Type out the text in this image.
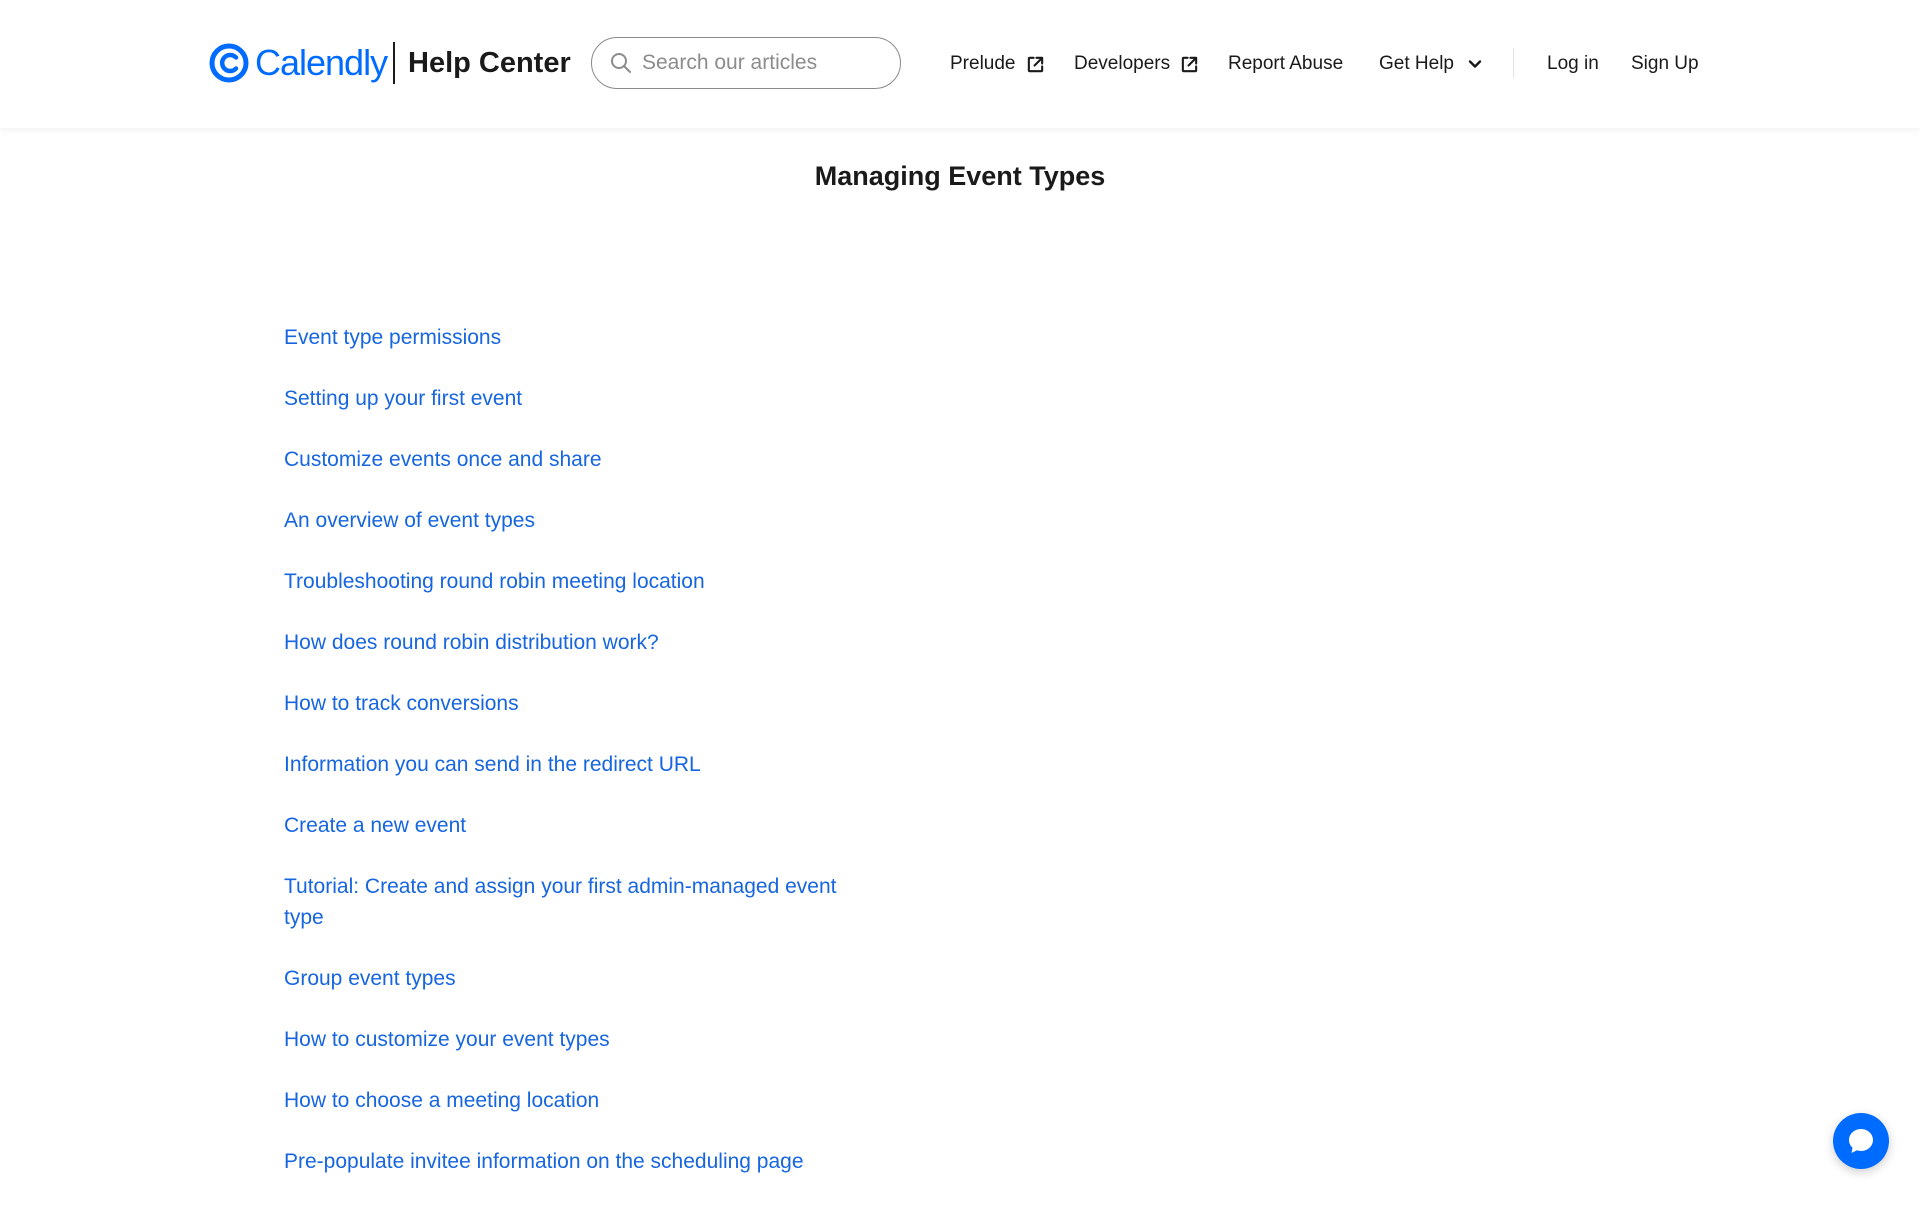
Calendly Help Center
Search our articles	Prelude	Developers	Report Abuse Get Help	Log in Sign Up
Managing Event Types
Event type permissions
Setting up your first event
Customize events once and share
An overview of event types
Troubleshooting round robin meeting location
How does round robin distribution work?
How to track conversions
Information you can send in the redirect URL
Create a new event
Tutorial: Create and assign your first admin-managed event type
Group event types
How to customize your event types
How to choose a meeting location
Pre-populate invitee information on the scheduling page
